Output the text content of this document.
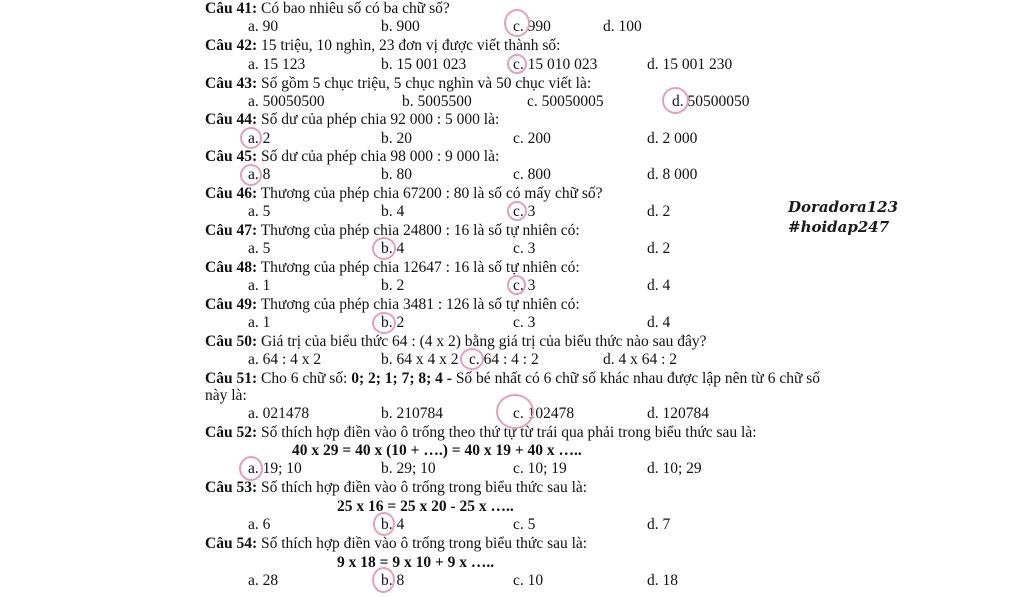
Câu 41: Có bao nhiêu số có ba chữ số?
a. 90	b. 900	c. 990	d. 100
Câu 42: 15 triệu, 10 nghìn, 23 đơn vị được viết thành số:
a. 15 123	b. 15 001 023	c. 15 010 023	d. 15 001 230
Câu 43: Số gồm 5 chục triệu, 5 chục nghìn và 50 chục viết là:
a. 50050500	b. 5005500	c. 50050005	d. 50500050
Câu 44: Số dư của phép chia 92 000 : 5 000 là:
a. 2	b. 20	c. 200	d. 2 000
Câu 45: Số dư của phép chia 98 000 : 9 000 là:
a. 8	b. 80	c. 800	d. 8 000
Câu 46: Thương của phép chia 67200 : 80 là số có mấy chữ số?
a. 5	b. 4	c. 3	d. 2
Câu 47: Thương của phép chia 24800 : 16 là số tự nhiên có:
a. 5	b. 4	c. 3	d. 2
Câu 48: Thương của phép chia 12647 : 16 là số tự nhiên có:
a. 1	b. 2	c. 3	d. 4
Câu 49: Thương của phép chia 3481 : 126 là số tự nhiên có:
a. 1	b. 2	c. 3	d. 4
Câu 50: Giá trị của biểu thức 64 : (4 x 2) bằng giá trị của biểu thức nào sau đây?
a. 64 : 4 x 2	b. 64 x 4 x 2 c. 64 : 4 : 2	d. 4 x 64 : 2
Câu 51: Cho 6 chữ số: 0; 2; 1; 7; 8; 4 - Số bé nhất có 6 chữ số khác nhau được lập nên từ 6 chữ số
này là:
a. 021478	b. 210784	c. 102478	d. 120784
Câu 52: Số thích hợp điền vào ô trống theo thứ tự từ trái qua phải trong biểu thức sau là:
40 x 29 = 40 x (10 + ….) = 40 x 19 + 40 x …..
a. 19; 10	b. 29; 10	c. 10; 19	d. 10; 29
Câu 53: Số thích hợp điền vào ô trống trong biểu thức sau là:
25 x 16 = 25 x 20 - 25 x …..
a. 6	b. 4	c. 5	d. 7
Câu 54: Số thích hợp điền vào ô trống trong biểu thức sau là:
9 x 18 = 9 x 10 + 9 x …..
a. 28	b. 8	c. 10	d. 18
Doradora123
#hoidap247
